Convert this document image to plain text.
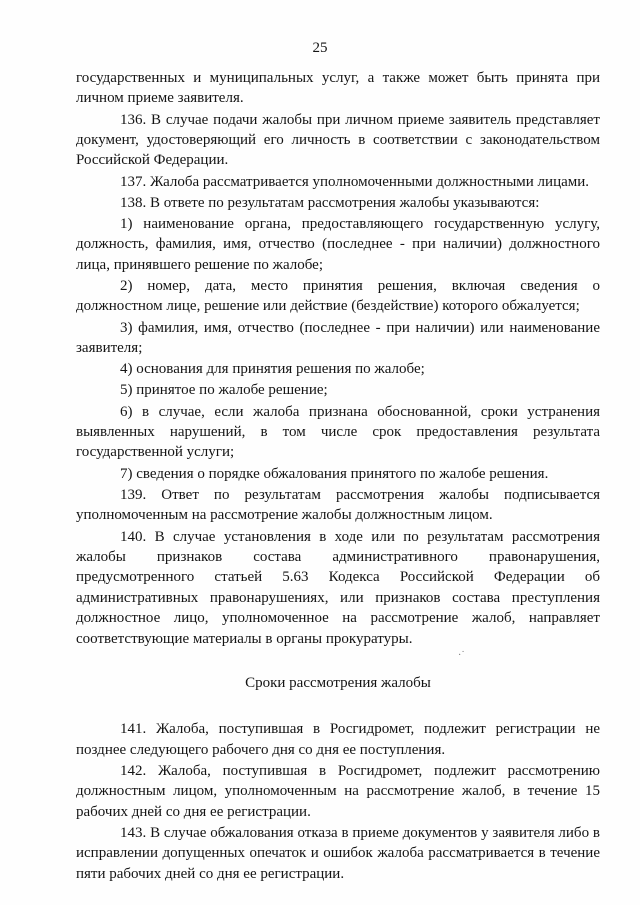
25

государственных и муниципальных услуг, а также может быть принята при личном приеме заявителя.

136. В случае подачи жалобы при личном приеме заявитель представляет документ, удостоверяющий его личность в соответствии с законодательством Российской Федерации.

137. Жалоба рассматривается уполномоченными должностными лицами.

138. В ответе по результатам рассмотрения жалобы указываются:

1) наименование органа, предоставляющего государственную услугу, должность, фамилия, имя, отчество (последнее - при наличии) должностного лица, принявшего решение по жалобе;

2) номер, дата, место принятия решения, включая сведения о должностном лице, решение или действие (бездействие) которого обжалуется;

3) фамилия, имя, отчество (последнее - при наличии) или наименование заявителя;

4) основания для принятия решения по жалобе;

5) принятое по жалобе решение;

6) в случае, если жалоба признана обоснованной, сроки устранения выявленных нарушений, в том числе срок предоставления результата государственной услуги;

7) сведения о порядке обжалования принятого по жалобе решения.

139. Ответ по результатам рассмотрения жалобы подписывается уполномоченным на рассмотрение жалобы должностным лицом.

140. В случае установления в ходе или по результатам рассмотрения жалобы признаков состава административного правонарушения, предусмотренного статьей 5.63 Кодекса Российской Федерации об административных правонарушениях, или признаков состава преступления должностное лицо, уполномоченное на рассмотрение жалоб, направляет соответствующие материалы в органы прокуратуры.

Сроки рассмотрения жалобы

141. Жалоба, поступившая в Росгидромет, подлежит регистрации не позднее следующего рабочего дня со дня ее поступления.

142. Жалоба, поступившая в Росгидромет, подлежит рассмотрению должностным лицом, уполномоченным на рассмотрение жалоб, в течение 15 рабочих дней со дня ее регистрации.

143. В случае обжалования отказа в приеме документов у заявителя либо в исправлении допущенных опечаток и ошибок жалоба рассматривается в течение пяти рабочих дней со дня ее регистрации.

·˙
